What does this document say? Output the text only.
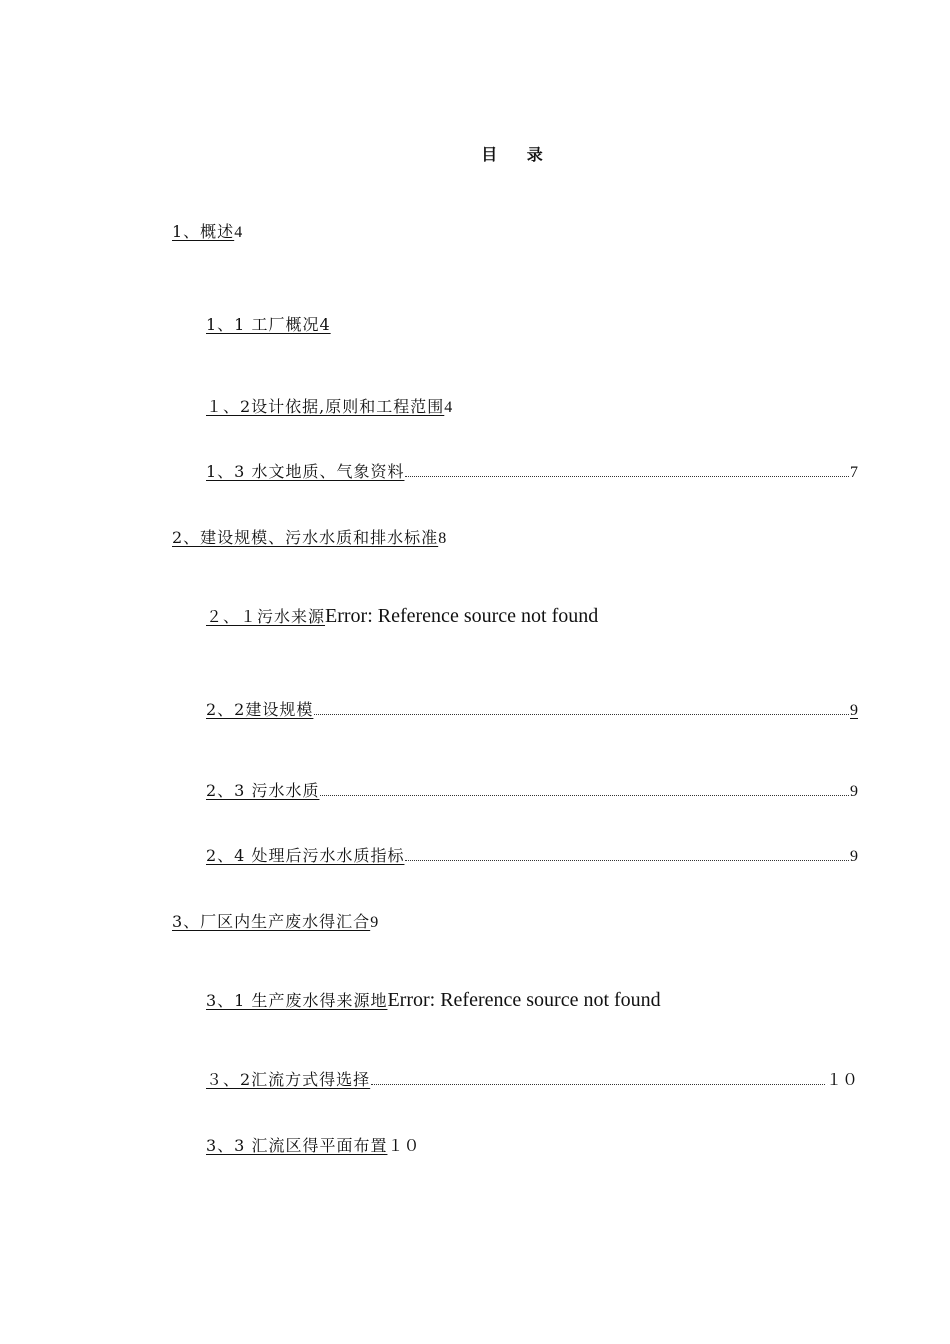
目 录
1、概述 4
1、1 工厂概况4
１、2设计依据,原则和工程范围 4
1、3 水文地质、气象资料	7
2、建设规模、污水水质和排水标准 8
２、１污水来源 Error: Reference source not found
2、2建设规模	9
2、3 污水水质	9
2、4 处理后污水水质指标	9
3、厂区内生产废水得汇合 9
3、1 生产废水得来源地 Error: Reference source not found
３、2汇流方式得选择	１０
3、3 汇流区得平面布置 １０
